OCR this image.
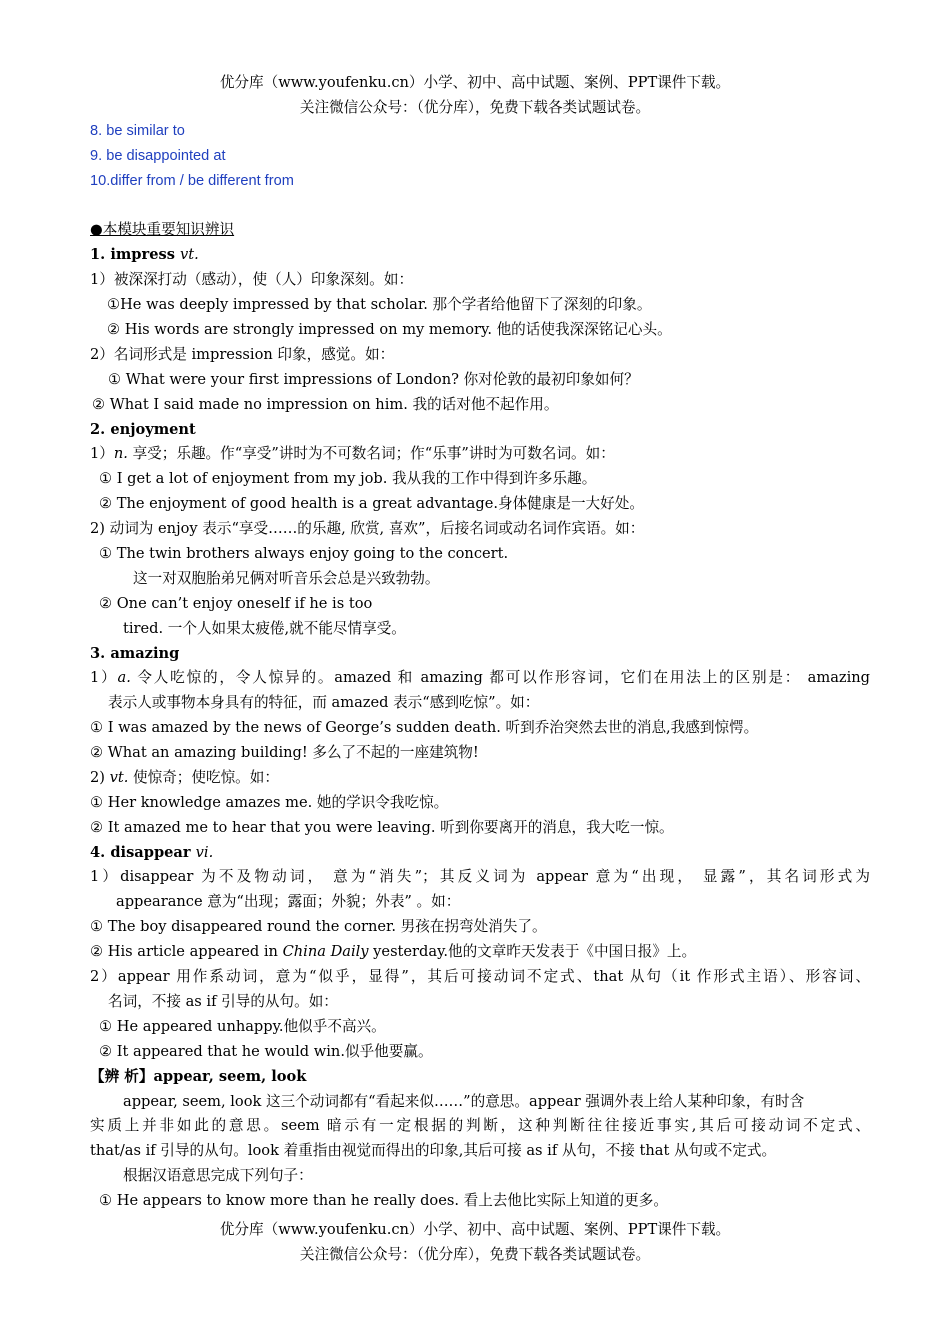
优分库（www.youfenku.cn）小学、初中、高中试题、案例、PPT课件下载。
关注微信公众号：（优分库），免费下载各类试题试卷。
8. be similar to
9. be disappointed at
10.differ from / be different from
●本模块重要知识辨识
1. impress vt.
1）被深深打动（感动），使（人）印象深刻。如：
①He was deeply impressed by that scholar. 那个学者给他留下了深刻的印象。
② His words are strongly impressed on my memory. 他的话使我深深铭记心头。
2）名词形式是 impression 印象，感觉。如：
① What were your first impressions of London? 你对伦敦的最初印象如何？
② What I said made no impression on him. 我的话对他不起作用。
2. enjoyment
1）n. 享受；乐趣。作“享受”讲时为不可数名词；作“乐事”讲时为可数名词。如：
① I get a lot of enjoyment from my job. 我从我的工作中得到许多乐趣。
② The enjoyment of good health is a great advantage.身体健康是一大好处。
2) 动词为 enjoy 表示“享受……的乐趣, 欣赏, 喜欢”，后接名词或动名词作宾语。如：
① The twin brothers always enjoy going to the concert.
这一对双胞胎弟兄俩对听音乐会总是兴致勃勃。
② One can’t enjoy oneself if he is too
tired. 一个人如果太疲倦,就不能尽情享受。
3. amazing
1）a. 令人吃惊的，令人惊异的。amazed 和 amazing 都可以作形容词，它们在用法上的区别是： amazing
表示人或事物本身具有的特征，而 amazed 表示“感到吃惊”。如：
① I was amazed by the news of George’s sudden death. 听到乔治突然去世的消息,我感到惊愕。
② What an amazing building! 多么了不起的一座建筑物!
2) vt. 使惊奇；使吃惊。如：
① Her knowledge amazes me. 她的学识令我吃惊。
② It amazed me to hear that you were leaving. 听到你要离开的消息，我大吃一惊。
4. disappear vi.
1）disappear 为不及物动词， 意为“消失”；其反义词为 appear 意为“出现， 显露”，其名词形式为
appearance 意为“出现；露面；外貌；外表” 。如：
① The boy disappeared round the corner. 男孩在拐弯处消失了。
② His article appeared in China Daily yesterday.他的文章昨天发表于《中国日报》上。
2）appear 用作系动词，意为“似乎，显得”，其后可接动词不定式、that 从句（it 作形式主语）、形容词、
名词，不接 as if 引导的从句。如：
① He appeared unhappy.他似乎不高兴。
② It appeared that he would win.似乎他要赢。
【辨 析】appear, seem, look
appear, seem, look 这三个动词都有“看起来似……”的意思。appear 强调外表上给人某种印象，有时含
实质上并非如此的意思。seem 暗示有一定根据的判断，这种判断往往接近事实,其后可接动词不定式、
that/as if 引导的从句。look 着重指由视觉而得出的印象,其后可接 as if 从句，不接 that 从句或不定式。
根据汉语意思完成下列句子：
① He appears to know more than he really does. 看上去他比实际上知道的更多。
优分库（www.youfenku.cn）小学、初中、高中试题、案例、PPT课件下载。
关注微信公众号：（优分库），免费下载各类试题试卷。
